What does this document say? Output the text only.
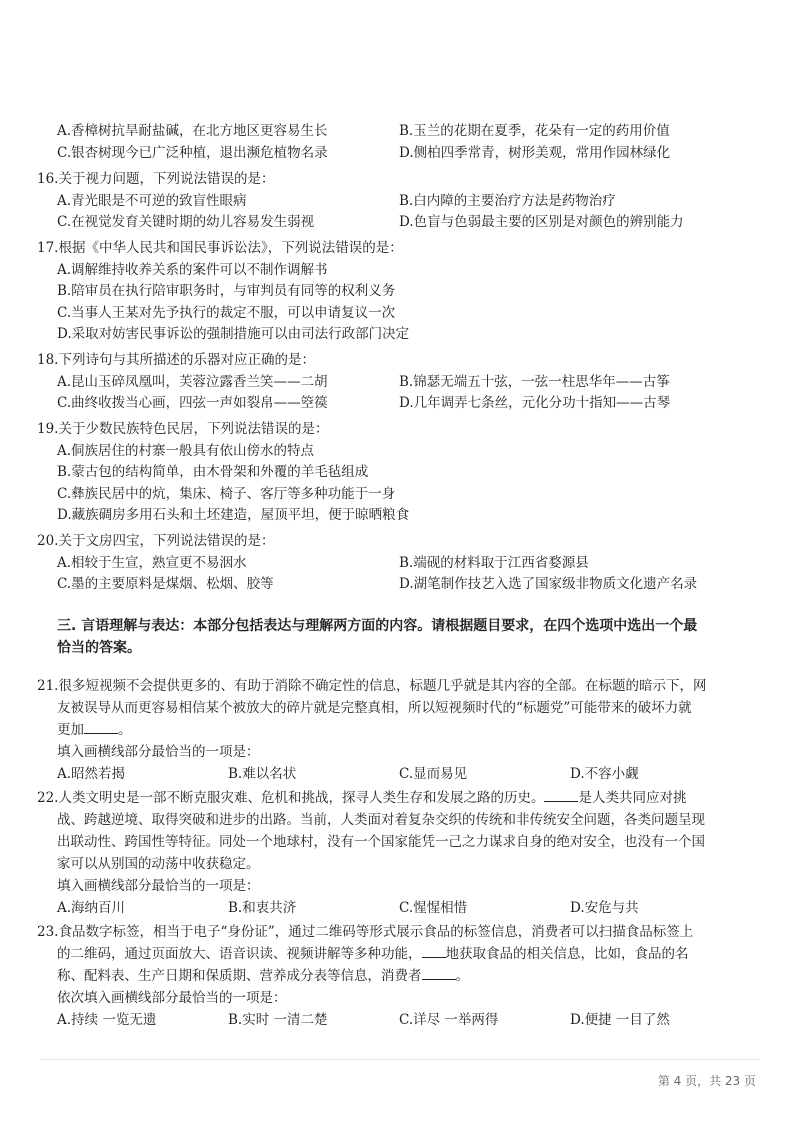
A.香樟树抗旱耐盐碱，在北方地区更容易生长	B.玉兰的花期在夏季，花朵有一定的药用价值
C.银杏树现今已广泛种植，退出濒危植物名录	D.侧柏四季常青，树形美观，常用作园林绿化
16.关于视力问题，下列说法错误的是：
A.青光眼是不可逆的致盲性眼病	B.白内障的主要治疗方法是药物治疗
C.在视觉发育关键时期的幼儿容易发生弱视	D.色盲与色弱最主要的区别是对颜色的辨别能力
17.根据《中华人民共和国民事诉讼法》，下列说法错误的是：
A.调解维持收养关系的案件可以不制作调解书
B.陪审员在执行陪审职务时，与审判员有同等的权利义务
C.当事人王某对先予执行的裁定不服，可以申请复议一次
D.采取对妨害民事诉讼的强制措施可以由司法行政部门决定
18.下列诗句与其所描述的乐器对应正确的是：
A.昆山玉碎凤凰叫，芙蓉泣露香兰笑——二胡	B.锦瑟无端五十弦，一弦一柱思华年——古筝
C.曲终收拨当心画，四弦一声如裂帛——箜篌	D.几年调弄七条丝，元化分功十指知——古琴
19.关于少数民族特色民居，下列说法错误的是：
A.侗族居住的村寨一般具有依山傍水的特点
B.蒙古包的结构简单，由木骨架和外覆的羊毛毡组成
C.彝族民居中的炕，集床、椅子、客厅等多种功能于一身
D.藏族碉房多用石头和土坯建造，屋顶平坦，便于晾晒粮食
20.关于文房四宝，下列说法错误的是：
A.相较于生宣，熟宣更不易洇水	B.端砚的材料取于江西省婺源县
C.墨的主要原料是煤烟、松烟、胶等	D.湖笔制作技艺入选了国家级非物质文化遗产名录
三. 言语理解与表达：本部分包括表达与理解两方面的内容。请根据题目要求，在四个选项中选出一个最
恰当的答案。
21.很多短视频不会提供更多的、有助于消除不确定性的信息，标题几乎就是其内容的全部。在标题的暗示下，网
友被误导从而更容易相信某个被放大的碎片就是完整真相，所以短视频时代的“标题党”可能带来的破坏力就
更加	。
填入画横线部分最恰当的一项是：
A.昭然若揭	B.难以名状	C.显而易见	D.不容小觑
22.人类文明史是一部不断克服灾难、危机和挑战，探寻人类生存和发展之路的历史。	是人类共同应对挑
战、跨越逆境、取得突破和进步的出路。当前，人类面对着复杂交织的传统和非传统安全问题，各类问题呈现
出联动性、跨国性等特征。同处一个地球村，没有一个国家能凭一己之力谋求自身的绝对安全，也没有一个国
家可以从别国的动荡中收获稳定。
填入画横线部分最恰当的一项是：
A.海纳百川	B.和衷共济	C.惺惺相惜	D.安危与共
23.食品数字标签，相当于电子“身份证”，通过二维码等形式展示食品的标签信息，消费者可以扫描食品标签上
的二维码，通过页面放大、语音识读、视频讲解等多种功能， 地获取食品的相关信息，比如，食品的名
称、配料表、生产日期和保质期、营养成分表等信息，消费者	。
依次填入画横线部分最恰当的一项是：
A.持续 一览无遗	B.实时 一清二楚	C.详尽 一举两得	D.便捷 一目了然
第 4 页，共 23 页
